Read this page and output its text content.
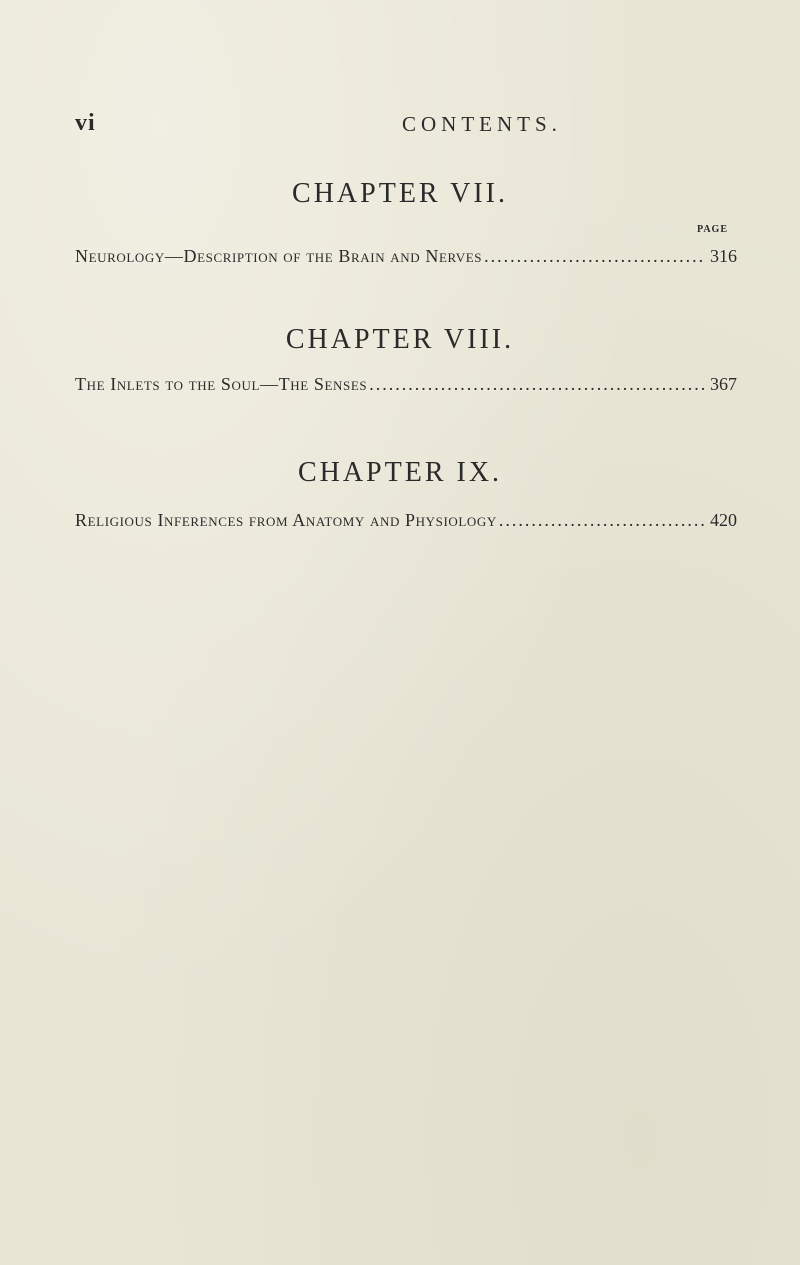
vi	CONTENTS.
CHAPTER VII.
PAGE
Neurology—Description of the Brain and Nerves .....	316
CHAPTER VIII.
The Inlets to the Soul—The Senses .....	367
CHAPTER IX.
Religious Inferences from Anatomy and Physiology .....	420
